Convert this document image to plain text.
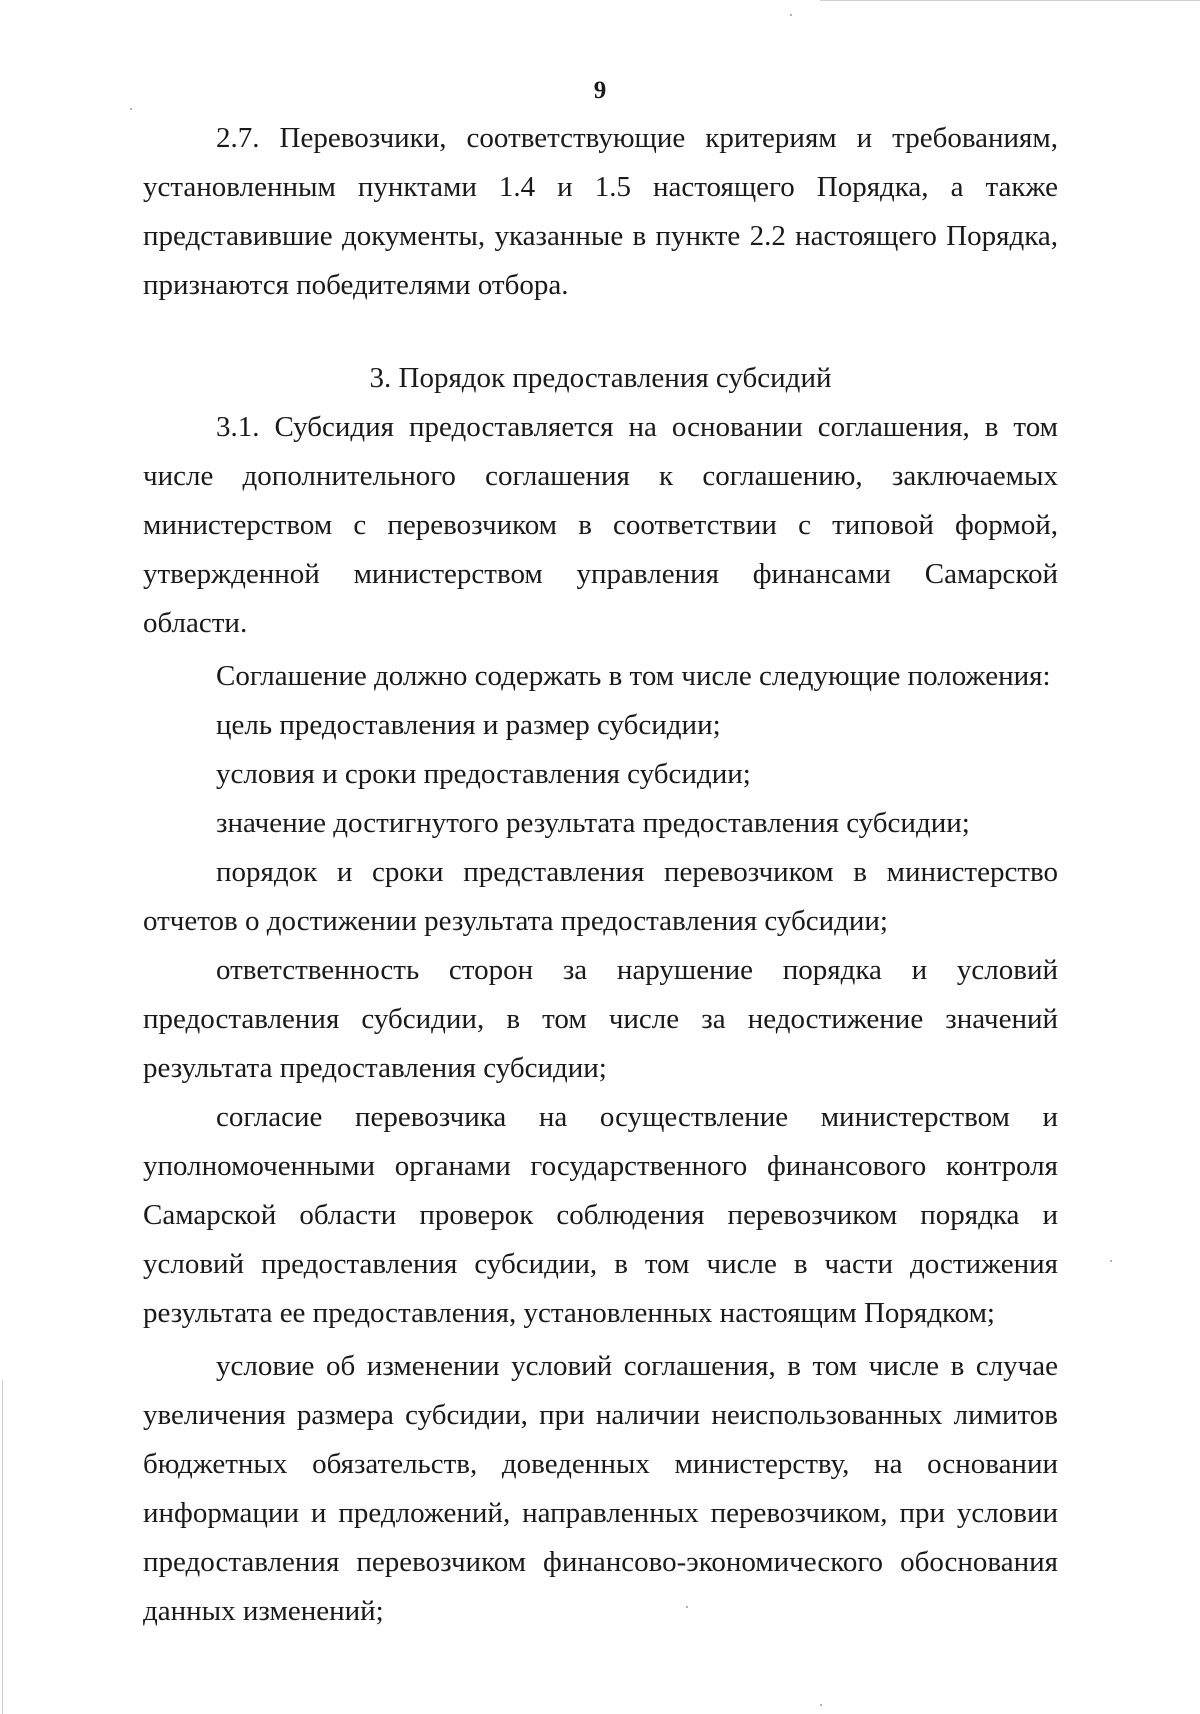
9

2.7. Перевозчики, соответствующие критериям и требованиям, установленным пунктами 1.4 и 1.5 настоящего Порядка, а также представившие документы, указанные в пункте 2.2 настоящего Порядка, признаются победителями отбора.

3. Порядок предоставления субсидий

3.1. Субсидия предоставляется на основании соглашения, в том числе дополнительного соглашения к соглашению, заключаемых министерством с перевозчиком в соответствии с типовой формой, утвержденной министерством управления финансами Самарской области.

Соглашение должно содержать в том числе следующие положения:

цель предоставления и размер субсидии;

условия и сроки предоставления субсидии;

значение достигнутого результата предоставления субсидии;

порядок и сроки представления перевозчиком в министерство отчетов о достижении результата предоставления субсидии;

ответственность сторон за нарушение порядка и условий предоставления субсидии, в том числе за недостижение значений результата предоставления субсидии;

согласие перевозчика на осуществление министерством и уполномоченными органами государственного финансового контроля Самарской области проверок соблюдения перевозчиком порядка и условий предоставления субсидии, в том числе в части достижения результата ее предоставления, установленных настоящим Порядком;

условие об изменении условий соглашения, в том числе в случае увеличения размера субсидии, при наличии неиспользованных лимитов бюджетных обязательств, доведенных министерству, на основании информации и предложений, направленных перевозчиком, при условии предоставления перевозчиком финансово-экономического обоснования данных изменений;
